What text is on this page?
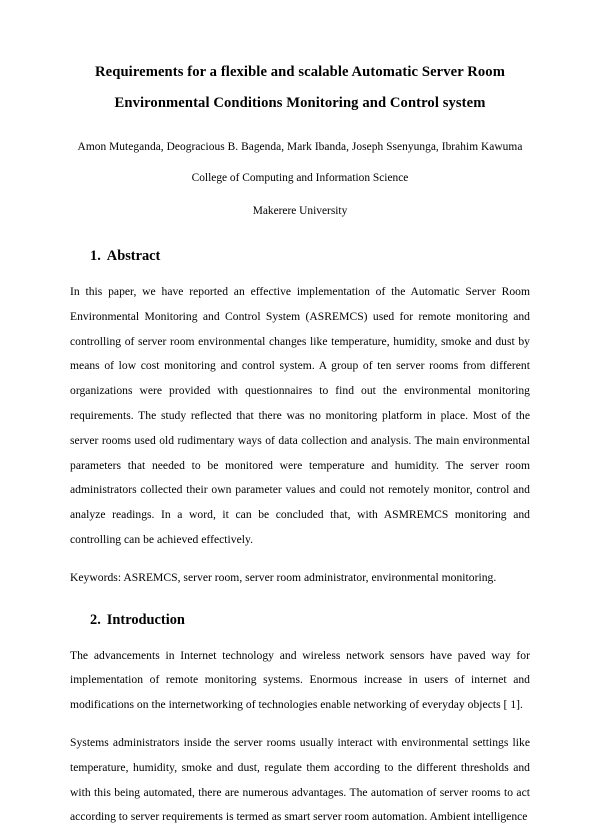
Requirements for a flexible and scalable Automatic Server Room
Environmental Conditions Monitoring and Control system
Amon Muteganda, Deogracious B. Bagenda, Mark Ibanda, Joseph Ssenyunga, Ibrahim Kawuma
College of Computing and Information Science
Makerere University
1. Abstract

In this paper, we have reported an effective implementation of the Automatic Server Room Environmental Monitoring and Control System (ASREMCS) used for remote monitoring and controlling of server room environmental changes like temperature, humidity, smoke and dust by means of low cost monitoring and control system. A group of ten server rooms from different organizations were provided with questionnaires to find out the environmental monitoring requirements. The study reflected that there was no monitoring platform in place. Most of the server rooms used old rudimentary ways of data collection and analysis. The main environmental parameters that needed to be monitored were temperature and humidity. The server room administrators collected their own parameter values and could not remotely monitor, control and analyze readings. In a word, it can be concluded that, with ASMREMCS monitoring and controlling can be achieved effectively.

Keywords: ASREMCS, server room, server room administrator, environmental monitoring.

2. Introduction

The advancements in Internet technology and wireless network sensors have paved way for implementation of remote monitoring systems. Enormous increase in users of internet and modifications on the internetworking of technologies enable networking of everyday objects [ 1].

Systems administrators inside the server rooms usually interact with environmental settings like temperature, humidity, smoke and dust, regulate them according to the different thresholds and with this being automated, there are numerous advantages. The automation of server rooms to act according to server requirements is termed as smart server room automation. Ambient intelligence
